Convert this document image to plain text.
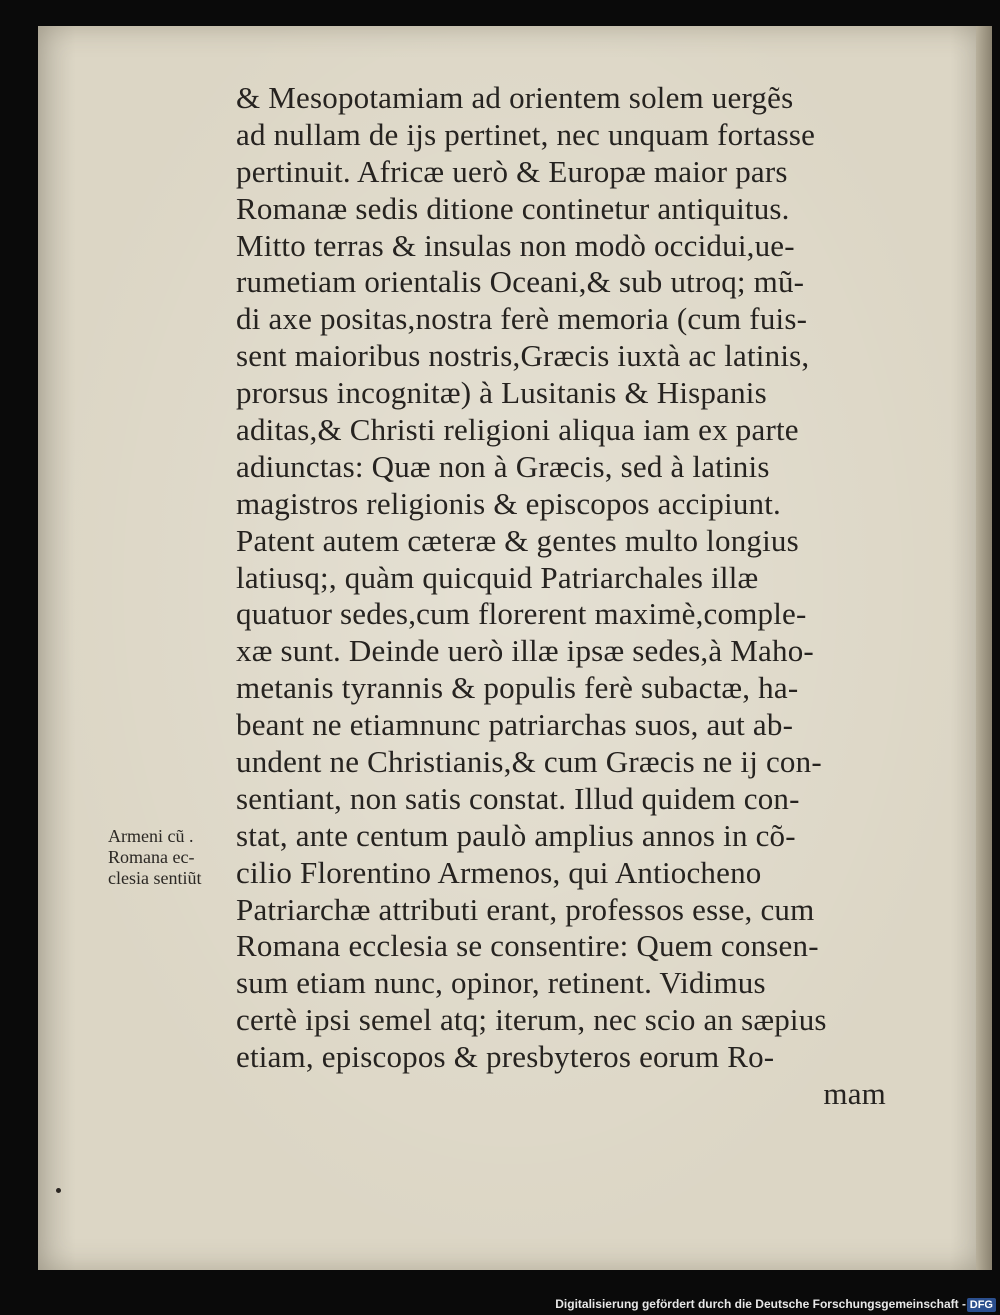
& Mesopotamiam ad orientem solem uergẽs
ad nullam de ijs pertinet, nec unquam fortasse
pertinuit. Africæ uerò & Europæ maior pars
Romanæ sedis ditione continetur antiquitus.
Mitto terras & insulas non modò occidui,ue-
rumetiam orientalis Oceani,& sub utroq; mũ-
di axe positas,nostra ferè memoria (cum fuis-
sent maioribus nostris,Græcis iuxtà ac latinis,
prorsus incognitæ) à Lusitanis & Hispanis
aditas,& Christi religioni aliqua iam ex parte
adiunctas: Quæ non à Græcis, sed à latinis
magistros religionis & episcopos accipiunt.
Patent autem cæteræ & gentes multo longius
latiusq;, quàm quicquid Patriarchales illæ
quatuor sedes,cum florerent maximè,comple-
xæ sunt. Deinde uerò illæ ipsæ sedes,à Maho-
metanis tyrannis & populis ferè subactæ, ha-
beant ne etiamnunc patriarchas suos, aut ab-
undent ne Christianis,& cum Græcis ne ij con-
sentiant, non satis constat. Illud quidem con-
stat, ante centum paulò amplius annos in cõ-
cilio Florentino Armenos, qui Antiocheno
Patriarchæ attributi erant, professos esse, cum
Romana ecclesia se consentire: Quem consen-
sum etiam nunc, opinor, retinent. Vidimus
certè ipsi semel atq; iterum, nec scio an sæpius
etiam, episcopos & presbyteros eorum Ro-
mam
Armeni cũ .
Romana ec-
clesia sentiũt
Digitalisierung gefördert durch die Deutsche Forschungsgemeinschaft - DFG
